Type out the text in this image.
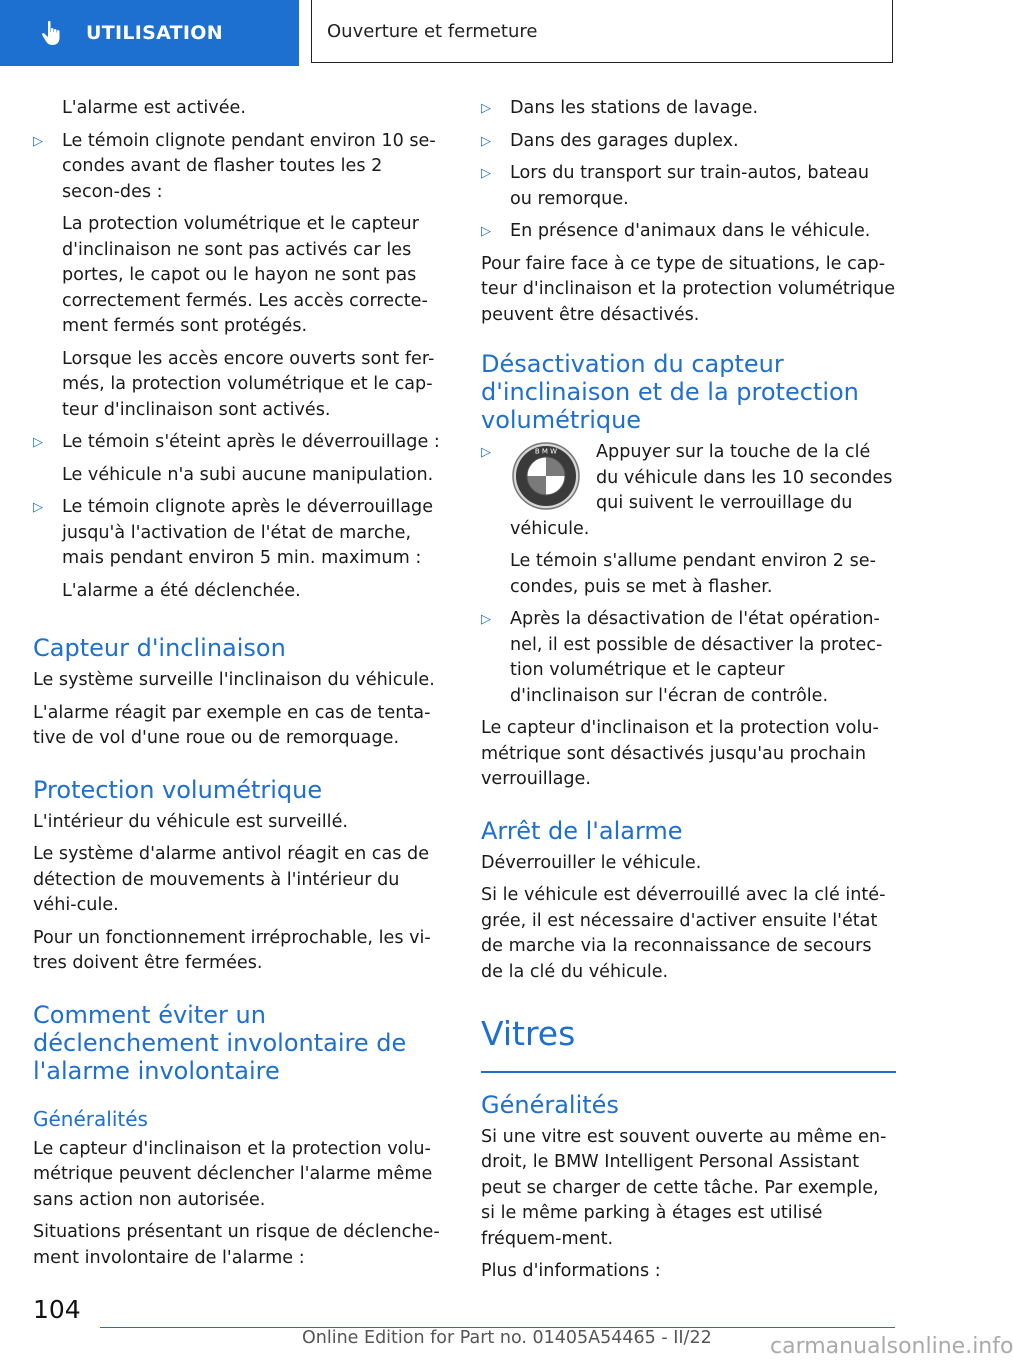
UTILISATION	Ouverture et fermeture

L'alarme est activée.

▷ Le témoin clignote pendant environ 10 se-condes avant de flasher toutes les 2 secon-des :

La protection volumétrique et le capteur d'inclinaison ne sont pas activés car les portes, le capot ou le hayon ne sont pas correctement fermés. Les accès correcte-ment fermés sont protégés.

Lorsque les accès encore ouverts sont fer-més, la protection volumétrique et le cap-teur d'inclinaison sont activés.

▷ Le témoin s'éteint après le déverrouillage :

Le véhicule n'a subi aucune manipulation.

▷ Le témoin clignote après le déverrouillage jusqu'à l'activation de l'état de marche, mais pendant environ 5 min. maximum :

L'alarme a été déclenchée.

Capteur d'inclinaison

Le système surveille l'inclinaison du véhicule.

L'alarme réagit par exemple en cas de tenta-tive de vol d'une roue ou de remorquage.

Protection volumétrique

L'intérieur du véhicule est surveillé.

Le système d'alarme antivol réagit en cas de détection de mouvements à l'intérieur du véhi-cule.

Pour un fonctionnement irréprochable, les vi-tres doivent être fermées.

Comment éviter un déclenchement involontaire de l'alarme involontaire
Généralités

Le capteur d'inclinaison et la protection volu-métrique peuvent déclencher l'alarme même sans action non autorisée.

Situations présentant un risque de déclenche-ment involontaire de l'alarme :

▷ Dans les stations de lavage.
▷ Dans des garages duplex.
▷ Lors du transport sur train-autos, bateau ou remorque.
▷ En présence d'animaux dans le véhicule.

Pour faire face à ce type de situations, le cap-teur d'inclinaison et la protection volumétrique peuvent être désactivés.

Désactivation du capteur d'inclinaison et de la protection volumétrique
▷ B M W	Appuyer sur la touche de la clé du véhicule dans les 10 secondes qui suivent le verrouillage du véhicule.

Le témoin s'allume pendant environ 2 se-condes, puis se met à flasher.

▷ Après la désactivation de l'état opération-nel, il est possible de désactiver la protec-tion volumétrique et le capteur d'inclinaison sur l'écran de contrôle.

Le capteur d'inclinaison et la protection volu-métrique sont désactivés jusqu'au prochain verrouillage.

Arrêt de l'alarme

Déverrouiller le véhicule.

Si le véhicule est déverrouillé avec la clé inté-grée, il est nécessaire d'activer ensuite l'état de marche via la reconnaissance de secours de la clé du véhicule.

Vitres
Généralités

Si une vitre est souvent ouverte au même en-droit, le BMW Intelligent Personal Assistant peut se charger de cette tâche. Par exemple, si le même parking à étages est utilisé fréquem-ment.

Plus d'informations :

104
Online Edition for Part no. 01405A54465 - II/22	carmanualsonline.info
